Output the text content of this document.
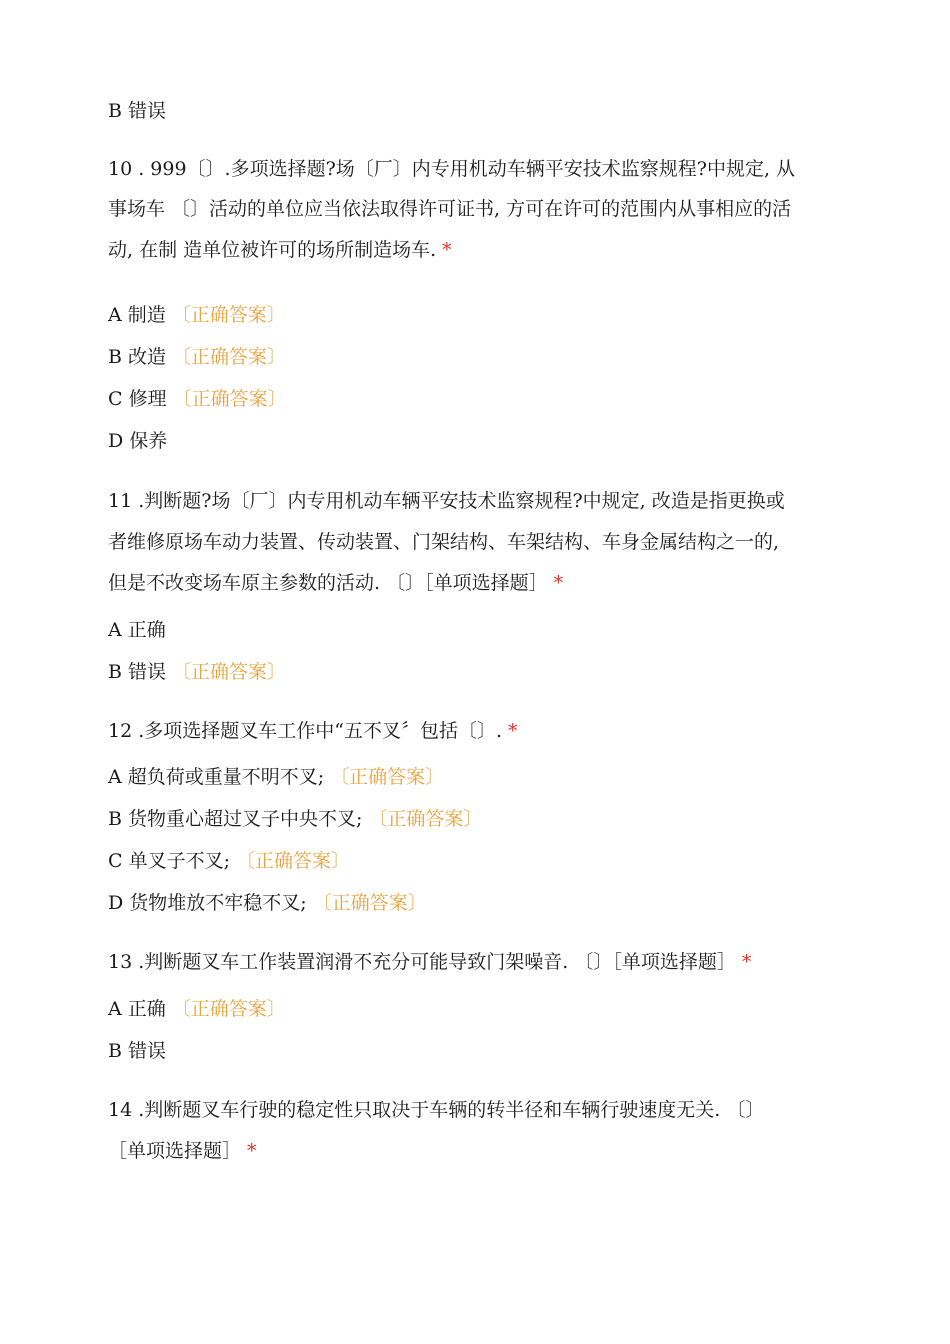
B 错误
10 . 999〔〕.多项选择题?场〔厂〕内专用机动车辆平安技术监察规程?中规定, 从
事场车 〔〕活动的单位应当依法取得许可证书, 方可在许可的范围内从事相应的活
动, 在制 造单位被许可的场所制造场车. *
A 制造 〔正确答案〕
B 改造 〔正确答案〕
C 修理 〔正确答案〕
D 保养
11 .判断题?场〔厂〕内专用机动车辆平安技术监察规程?中规定, 改造是指更换或
者维修原场车动力装置、传动装置、门架结构、车架结构、车身金属结构之一的,
但是不改变场车原主参数的活动. 〔〕［单项选择题］ *
A 正确
B 错误 〔正确答案〕
12 .多项选择题叉车工作中“五不叉〞包括〔〕. *
A 超负荷或重量不明不叉; 〔正确答案〕
B 货物重心超过叉子中央不叉; 〔正确答案〕
C 单叉子不叉; 〔正确答案〕
D 货物堆放不牢稳不叉; 〔正确答案〕
13 .判断题叉车工作装置润滑不充分可能导致门架噪音. 〔〕［单项选择题］ *
A 正确 〔正确答案〕
B 错误
14 .判断题叉车行驶的稳定性只取决于车辆的转半径和车辆行驶速度无关. 〔〕
［单项选择题］ *
